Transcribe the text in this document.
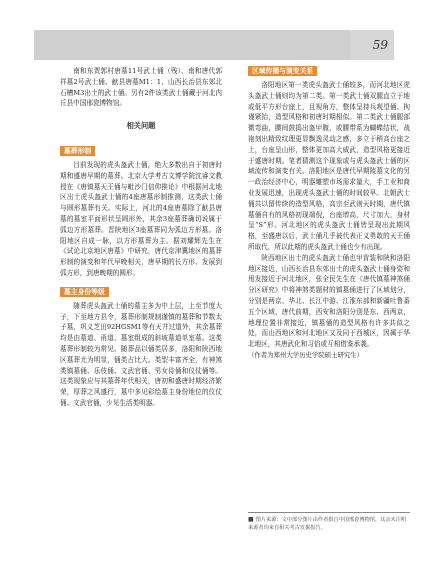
59

南和东贾郭村唐墓11号武士俑（残）、南和唐代郭祥墓2号武士俑、献县唐墓M1：1、山西长治县东郊北石槽M3出土的武士俑。另有2件该类武士俑藏于河北内丘县中国邢瓷博物馆。

相关问题
墓葬形制

目前发现的虎头盔武士俑，绝大多数出自于初唐时期和盛唐早期的墓葬。北京大学考古文博学院沈睿文教授在《唐镇墓天王俑与毗沙门信仰推论》中根据河北地区出土虎头盔武士俑的4座唐墓形制推测，这类武士俑与圆形墓葬有关。实际上，河北的4座唐墓除了献县唐墓的墓室平面形状呈圆形外，其余3座墓葬确切说属于弧边方形墓葬。晋陕地区3座墓葬同为弧边方形墓。洛阳地区自成一脉，以方形墓葬为主。据刘耀辉先生在《试论北京地区唐墓》中研究，唐代京津冀地区的墓葬形制的演变和年代早晚相关，唐早期的长方形、发展到弧方形，到唐晚期的圆形。

墓主身份等级

随葬虎头盔武士俑的墓主多为中上层，上至节度大子，下至地方县令，墓葬形制规制谨慎的墓葬和节数太子墓，巩义芝田92HGSM1等有天井过道外，其余墓葬均是由墓道、甬道、墓室组成的斜坡墓道单室墓。这类墓葬形制较为常见。随葬品以俑类居多，洛阳和陕西地区墓葬尤为明显，俑类占比大。类型丰富齐全，有神煞类镇墓俑、乐伎俑、文武官俑、男女侍俑和仪仗俑等。这类现象应与其墓葬年代相关，唐初和盛唐时期经济繁荣，厚葬之风盛行，墓中多见彩绘墓主身份地位的仪仗俑、文武官俑，少见生活类明器。

区域传播与演变关系

洛阳地区第一类虎头盔武士俑较多，而河北地区虎头盔武士俑则均为第二类。第一类武士俑双腿直立于地或低平方形台座上，且视角方，整体呈持兵观望俑、拘谨紧抬，造型风格和初唐时期相似。第二类武士俑腿部微弯曲，腰间鼓捣出盔甲腹，或腰带系为蝴蝶结状，战袍刻出精致纹理更显飘逸灵动之感，多立于稍高台座之上，台座呈山形，整体更加高大威武，造型风格更接近于盛唐时期。笔者猜测这个现象或与虎头盔武士俑的区域流传和演变有关。洛阳地区是唐代早期陵墓文化的另一政治经济中心，明器雕塑市场需求量大，手工业和商业发展迅速，出现虎头盔武士俑的时间较早。北朝武士俑共以留传续的造型风格，高宗至武则天时期，唐代镇墓俑自有的风格初现端倪，台座增高，尺寸加大，身材呈“S”形。河北地区的虎头盔武士俑皆呈现出此期风格，至盛唐以后，武士俑几乎被代表正义勇敢的天王俑所取代，所以此期的虎头盔武士俑也少有出现。

陕西地区出土的虎头盔武士俑也甲胄装和陕和洛阳地区接近，山西长治县东郊出土的虎头盔武士俑身姿和甩发接近于河北地区，张全民先生在《唐代镇墓神煞俑分区研究》中将神煞类题材的镇墓俑进行了区域划分，分别是两京、华北、长江中游、江淮东部和新疆吐鲁番五个区域，唐代前期，西安和洛阳分别是东、西两京，地理位置非常接近，镇墓俑的造型风格有许多共似之处，而山西地区和河北地区又及同于西城区，因属于华北地区，其唐武化和习俗或互相借鉴承袭。

（作者为郑州大学历史学院硕士研究生）

■ 图片来源：文中部分图片由作者摄自中国邢瓷博物馆，其余未注明来源者均来自相关考古发掘报告。
